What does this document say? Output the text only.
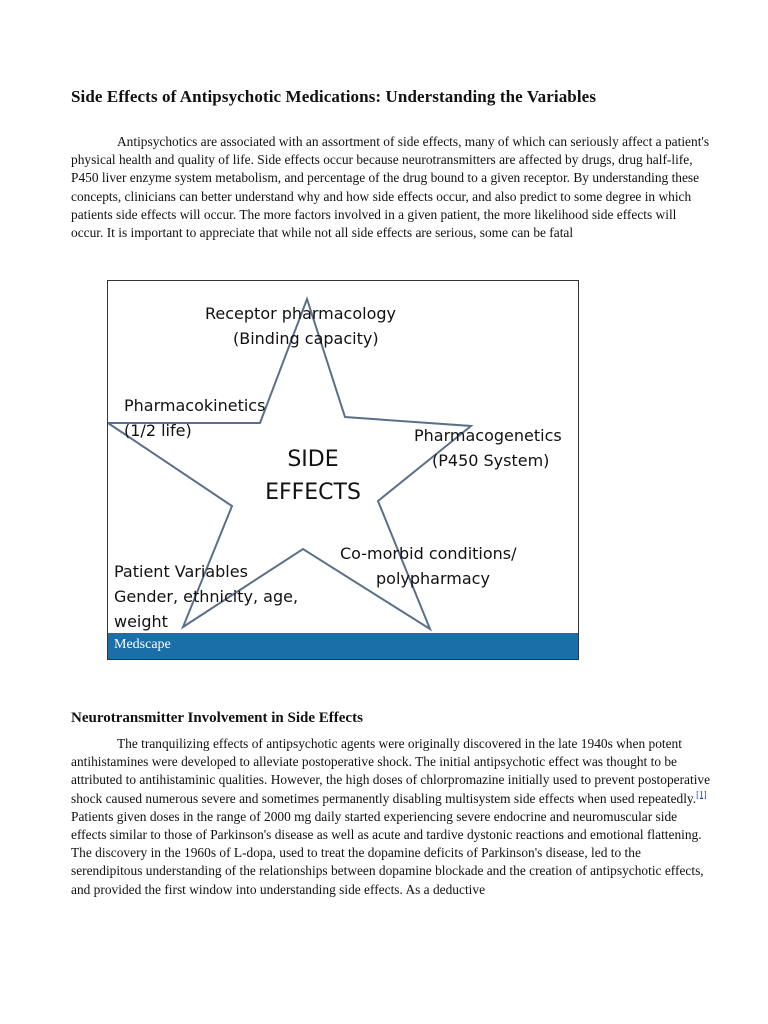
Side Effects of Antipsychotic Medications: Understanding the Variables
Antipsychotics are associated with an assortment of side effects, many of which can seriously affect a patient's physical health and quality of life. Side effects occur because neurotransmitters are affected by drugs, drug half-life, P450 liver enzyme system metabolism, and percentage of the drug bound to a given receptor. By understanding these concepts, clinicians can better understand why and how side effects occur, and also predict to some degree in which patients side effects will occur. The more factors involved in a given patient, the more likelihood side effects will occur. It is important to appreciate that while not all side effects are serious, some can be fatal
Receptor pharmacology
(Binding capacity)
Pharmacokinetics
(1/2 life)	Pharmacogenetics
(P450 System)
SIDE
EFFECTS
Co-morbid conditions/
polypharmacy
Patient Variables
Gender, ethnicity, age,
weight
Medscape
Neurotransmitter Involvement in Side Effects
The tranquilizing effects of antipsychotic agents were originally discovered in the late 1940s when potent antihistamines were developed to alleviate postoperative shock. The initial antipsychotic effect was thought to be attributed to antihistaminic qualities. However, the high doses of chlorpromazine initially used to prevent postoperative shock caused numerous severe and sometimes permanently disabling multisystem side effects when used repeatedly.[1] Patients given doses in the range of 2000 mg daily started experiencing severe endocrine and neuromuscular side effects similar to those of Parkinson's disease as well as acute and tardive dystonic reactions and emotional flattening. The discovery in the 1960s of L-dopa, used to treat the dopamine deficits of Parkinson's disease, led to the serendipitous understanding of the relationships between dopamine blockade and the creation of antipsychotic effects, and provided the first window into understanding side effects. As a deductive
